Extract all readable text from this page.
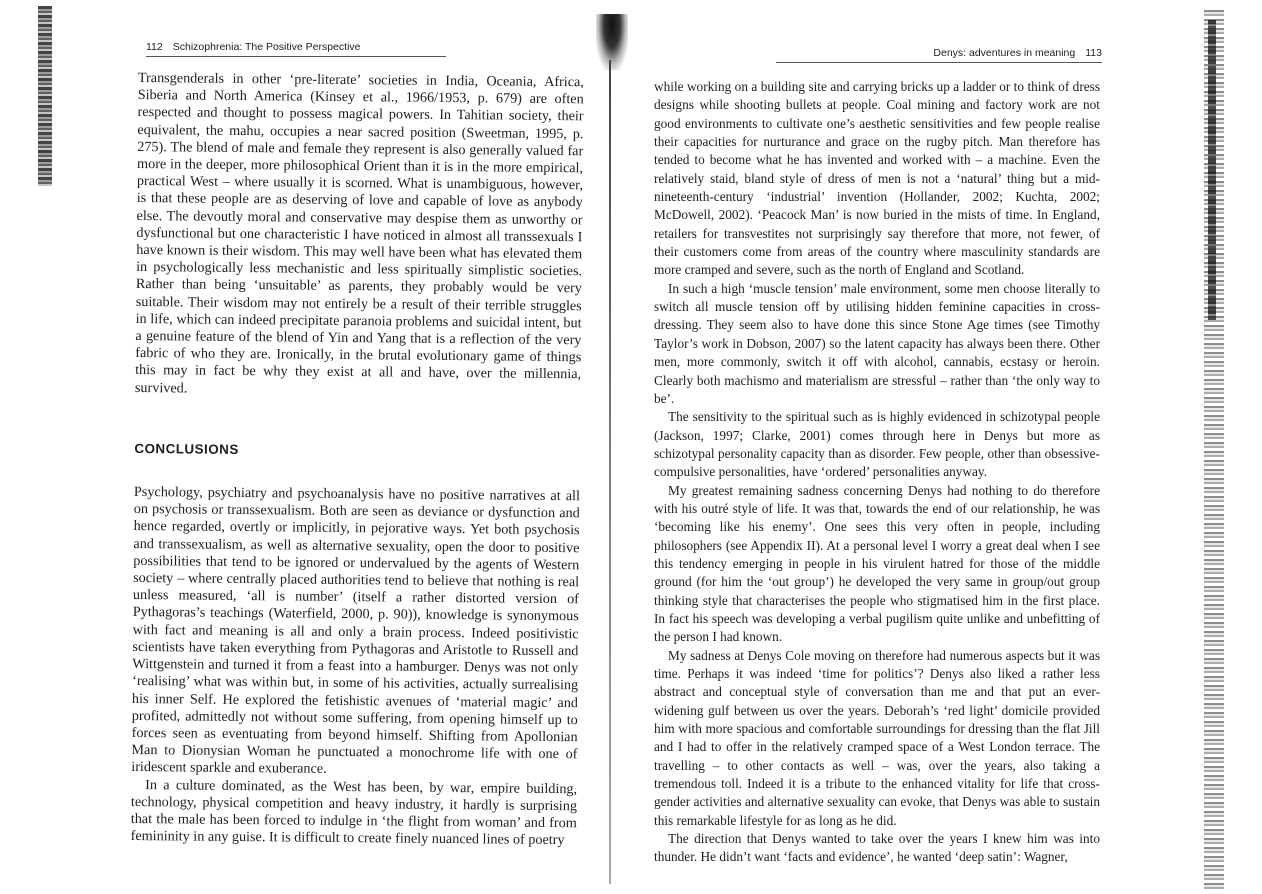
112 Schizophrenia: The Positive Perspective

Transgenderals in other ‘pre-literate’ societies in India, Oceania, Africa, Siberia and North America (Kinsey et al., 1966/1953, p. 679) are often respected and thought to possess magical powers. In Tahitian society, their equivalent, the mahu, occupies a near sacred position (Sweetman, 1995, p. 275). The blend of male and female they represent is also generally valued far more in the deeper, more philosophical Orient than it is in the more empirical, practical West – where usually it is scorned. What is unambiguous, however, is that these people are as deserving of love and capable of love as anybody else. The devoutly moral and conservative may despise them as unworthy or dysfunctional but one characteristic I have noticed in almost all transsexuals I have known is their wisdom. This may well have been what has elevated them in psychologically less mechanistic and less spiritually simplistic societies. Rather than being ‘unsuitable’ as parents, they probably would be very suitable. Their wisdom may not entirely be a result of their terrible struggles in life, which can indeed precipitate paranoia problems and suicidal intent, but a genuine feature of the blend of Yin and Yang that is a reflection of the very fabric of who they are. Ironically, in the brutal evolutionary game of things this may in fact be why they exist at all and have, over the millennia, survived.

CONCLUSIONS

Psychology, psychiatry and psychoanalysis have no positive narratives at all on psychosis or transsexualism. Both are seen as deviance or dysfunction and hence regarded, overtly or implicitly, in pejorative ways. Yet both psychosis and transsexualism, as well as alternative sexuality, open the door to positive possibilities that tend to be ignored or undervalued by the agents of Western society – where centrally placed authorities tend to believe that nothing is real unless measured, ‘all is number’ (itself a rather distorted version of Pythagoras’s teachings (Waterfield, 2000, p. 90)), knowledge is synonymous with fact and meaning is all and only a brain process. Indeed positivistic scientists have taken everything from Pythagoras and Aristotle to Russell and Wittgenstein and turned it from a feast into a hamburger. Denys was not only ‘realising’ what was within but, in some of his activities, actually surrealising his inner Self. He explored the fetishistic avenues of ‘material magic’ and profited, admittedly not without some suffering, from opening himself up to forces seen as eventuating from beyond himself. Shifting from Apollonian Man to Dionysian Woman he punctuated a monochrome life with one of iridescent sparkle and exuberance.

In a culture dominated, as the West has been, by war, empire building, technology, physical competition and heavy industry, it hardly is surprising that the male has been forced to indulge in ‘the flight from woman’ and from femininity in any guise. It is difficult to create finely nuanced lines of poetry

Denys: adventures in meaning 113

while working on a building site and carrying bricks up a ladder or to think of dress designs while shooting bullets at people. Coal mining and factory work are not good environments to cultivate one’s aesthetic sensitivities and few people realise their capacities for nurturance and grace on the rugby pitch. Man therefore has tended to become what he has invented and worked with – a machine. Even the relatively staid, bland style of dress of men is not a ‘natural’ thing but a mid-nineteenth-century ‘industrial’ invention (Hollander, 2002; Kuchta, 2002; McDowell, 2002). ‘Peacock Man’ is now buried in the mists of time. In England, retailers for transvestites not surprisingly say therefore that more, not fewer, of their customers come from areas of the country where masculinity standards are more cramped and severe, such as the north of England and Scotland.

In such a high ‘muscle tension’ male environment, some men choose literally to switch all muscle tension off by utilising hidden feminine capacities in cross-dressing. They seem also to have done this since Stone Age times (see Timothy Taylor’s work in Dobson, 2007) so the latent capacity has always been there. Other men, more commonly, switch it off with alcohol, cannabis, ecstasy or heroin. Clearly both machismo and materialism are stressful – rather than ‘the only way to be’.

The sensitivity to the spiritual such as is highly evidenced in schizotypal people (Jackson, 1997; Clarke, 2001) comes through here in Denys but more as schizotypal personality capacity than as disorder. Few people, other than obsessive-compulsive personalities, have ‘ordered’ personalities anyway.

My greatest remaining sadness concerning Denys had nothing to do therefore with his outré style of life. It was that, towards the end of our relationship, he was ‘becoming like his enemy’. One sees this very often in people, including philosophers (see Appendix II). At a personal level I worry a great deal when I see this tendency emerging in people in his virulent hatred for those of the middle ground (for him the ‘out group’) he developed the very same in group/out group thinking style that characterises the people who stigmatised him in the first place. In fact his speech was developing a verbal pugilism quite unlike and unbefitting of the person I had known.

My sadness at Denys Cole moving on therefore had numerous aspects but it was time. Perhaps it was indeed ‘time for politics’? Denys also liked a rather less abstract and conceptual style of conversation than me and that put an ever-widening gulf between us over the years. Deborah’s ‘red light’ domicile provided him with more spacious and comfortable surroundings for dressing than the flat Jill and I had to offer in the relatively cramped space of a West London terrace. The travelling – to other contacts as well – was, over the years, also taking a tremendous toll. Indeed it is a tribute to the enhanced vitality for life that cross-gender activities and alternative sexuality can evoke, that Denys was able to sustain this remarkable lifestyle for as long as he did.

The direction that Denys wanted to take over the years I knew him was into thunder. He didn’t want ‘facts and evidence’, he wanted ‘deep satin’: Wagner,
